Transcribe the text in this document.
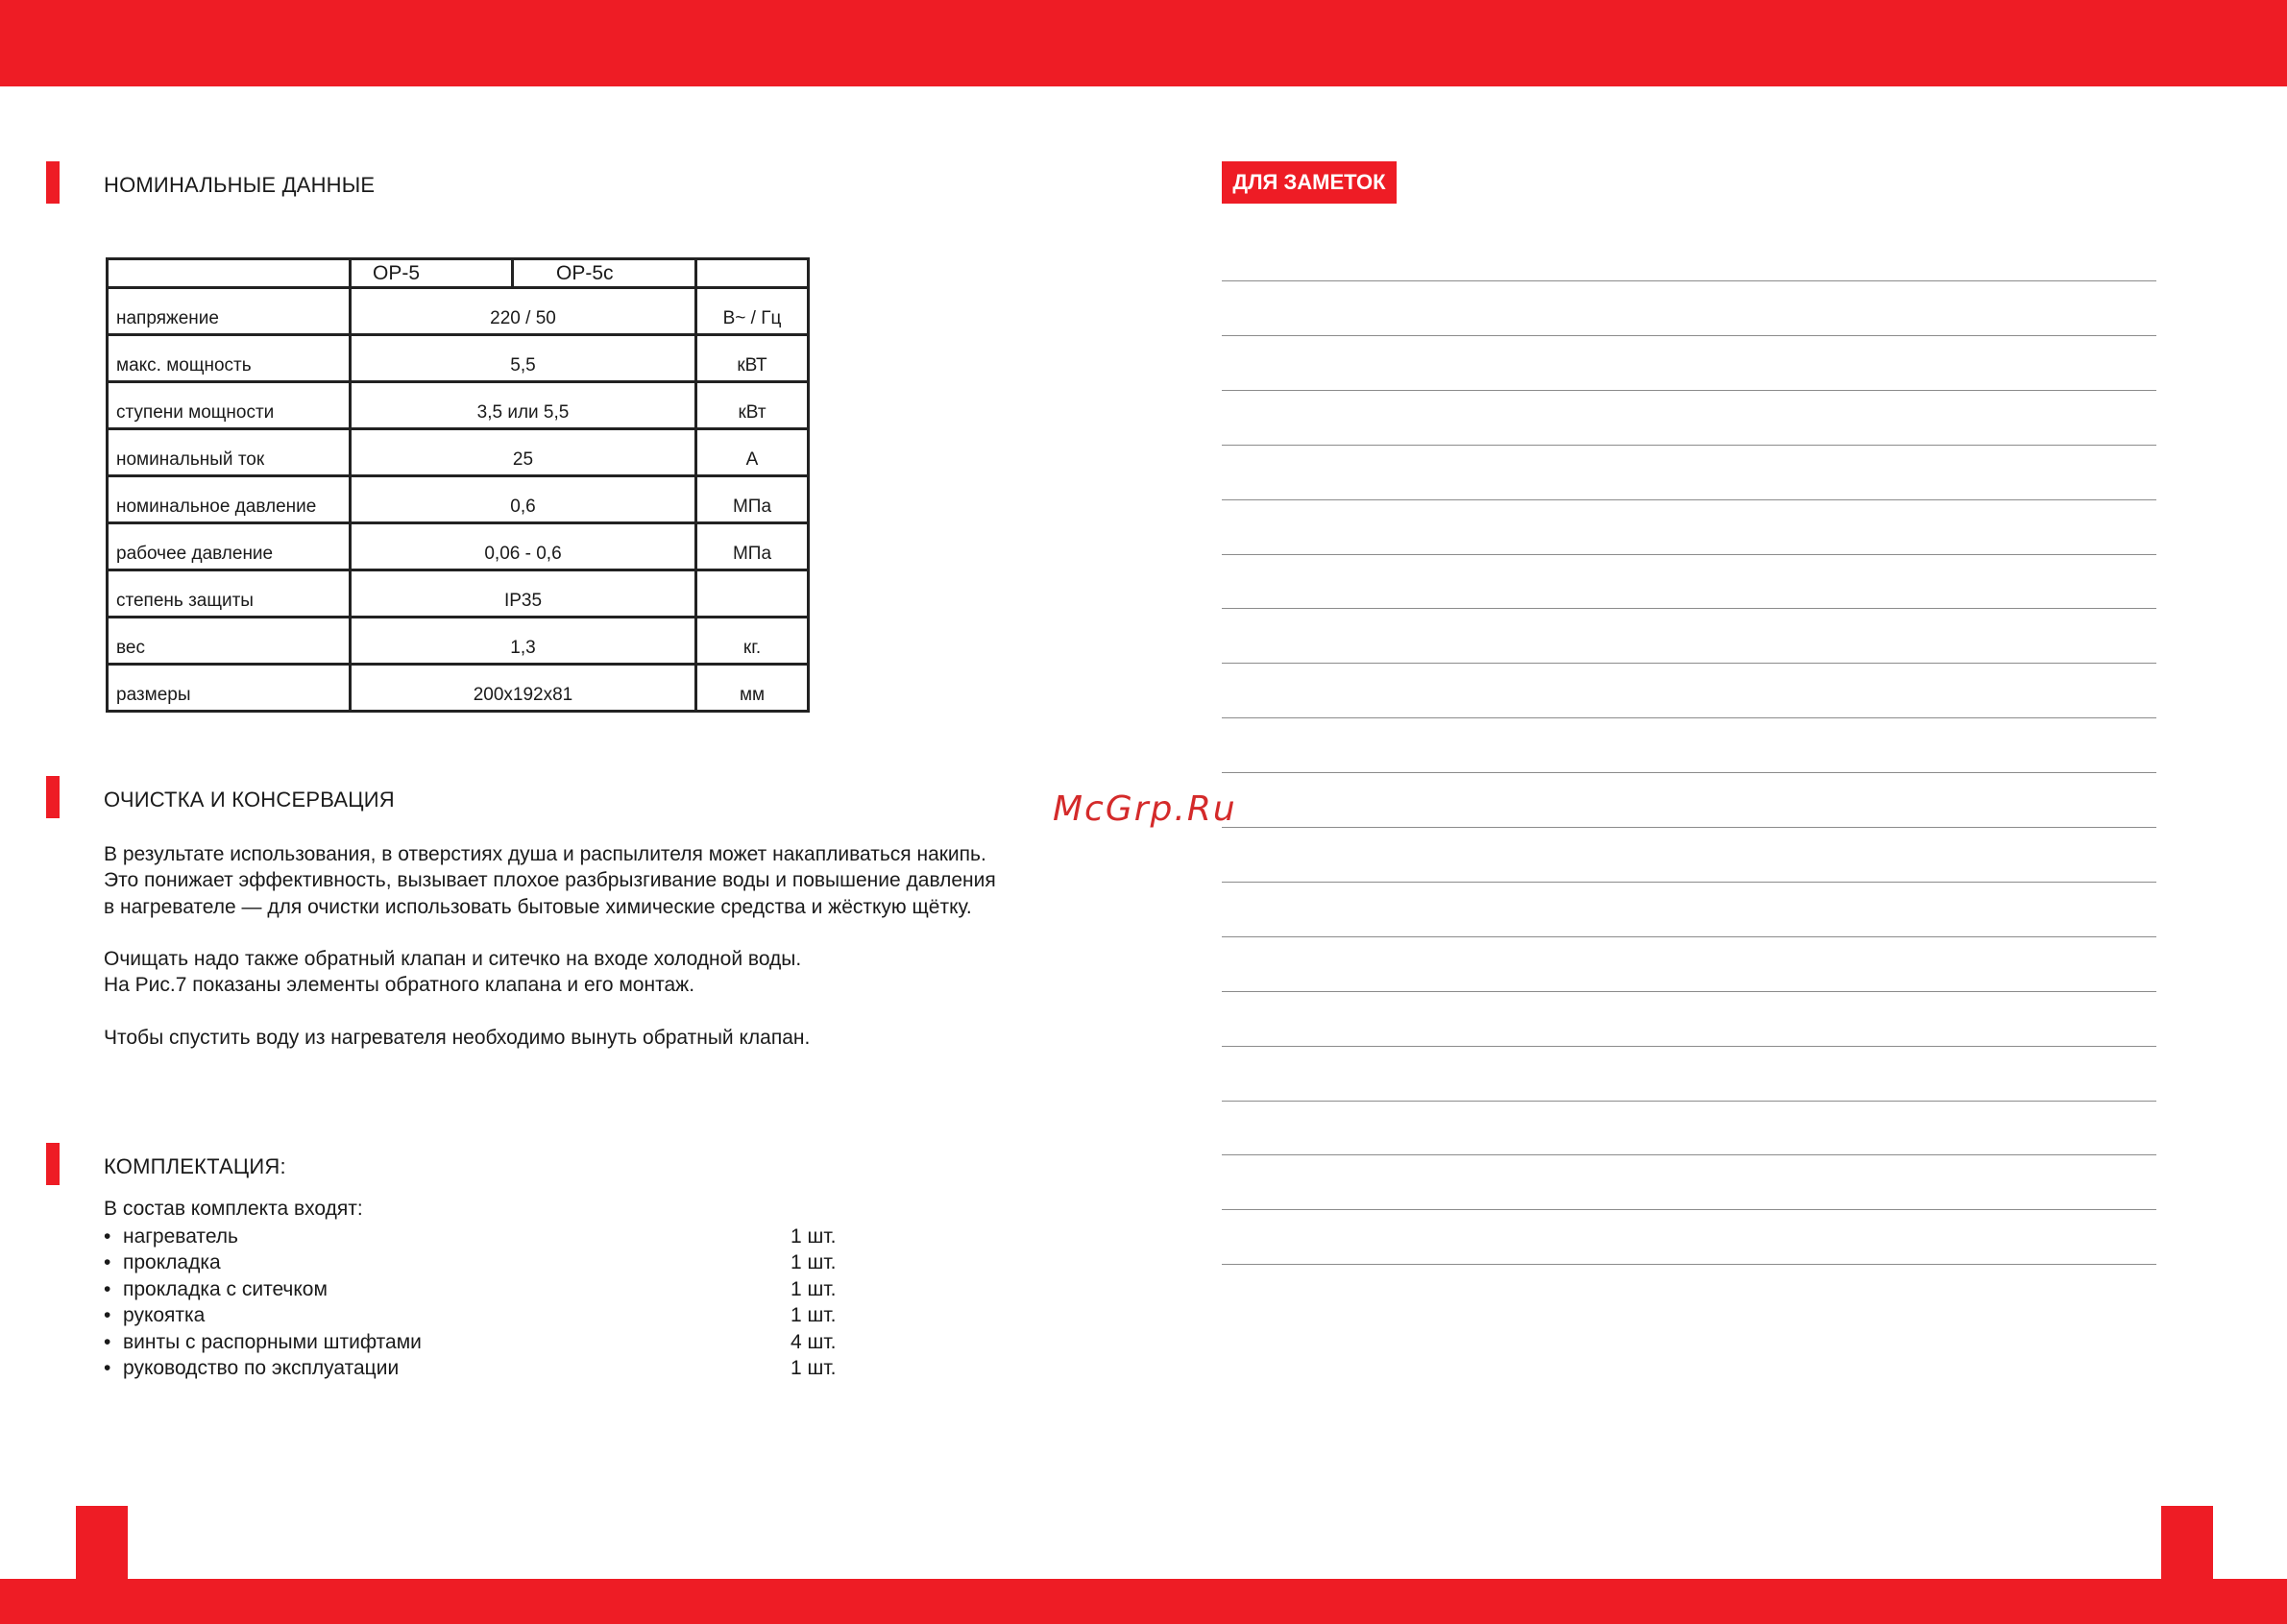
НОМИНАЛЬНЫЕ ДАННЫЕ
	ОР-5	ОР-5с	
напряжение	220 / 50		В~ / Гц
макс. мощность	5,5		кВТ
ступени мощности	3,5 или 5,5		кВт
номинальный ток	25		А
номинальное давление	0,6		МПа
рабочее давление	0,06 - 0,6		МПа
степень защиты	IP35		
вес	1,3		кг.
размеры	200x192x81		мм
ОЧИСТКА И КОНСЕРВАЦИЯ
В результате использования, в отверстиях душа и распылителя может накапливаться накипь.
Это понижает эффективность, вызывает плохое разбрызгивание воды и повышение давления
в нагревателе — для очистки использовать бытовые химические средства и жёсткую щётку.
Очищать надо также обратный клапан и ситечко на входе холодной воды.
На Рис.7 показаны элементы обратного клапана и его монтаж.
Чтобы спустить воду из нагревателя необходимо вынуть обратный клапан.
КОМПЛЕКТАЦИЯ:
В состав комплекта входят:
• нагреватель	1 шт.
• прокладка	1 шт.
• прокладка с ситечком	1 шт.
• рукоятка	1 шт.
• винты с распорными штифтами	4 шт.
• руководство по эксплуатации	1 шт.
ДЛЯ ЗАМЕТОК
McGrp.Ru
